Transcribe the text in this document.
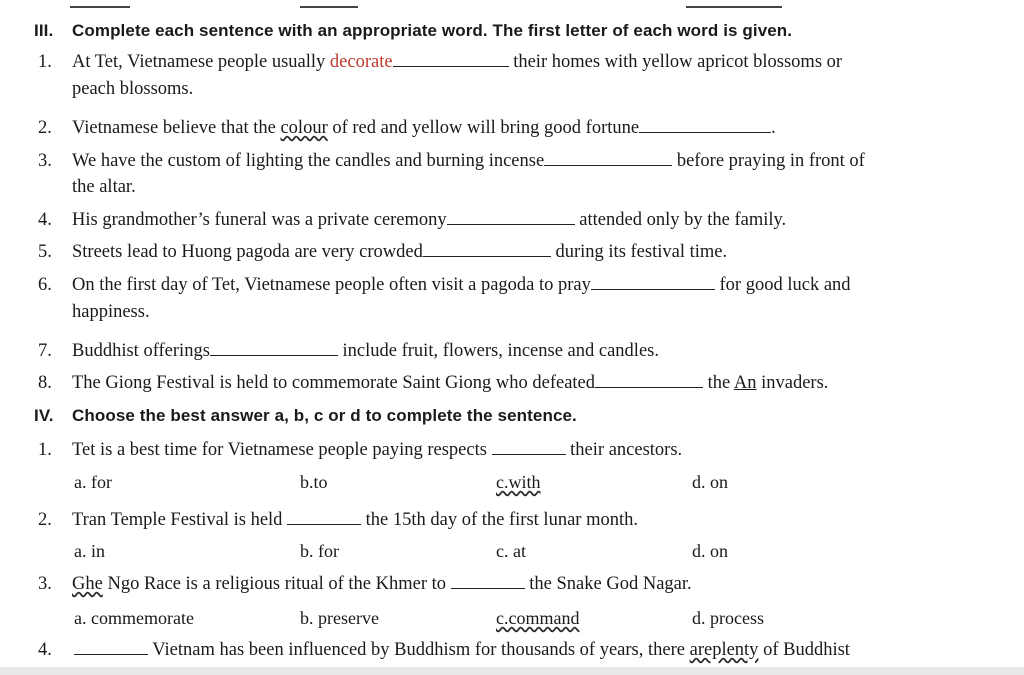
III. Complete each sentence with an appropriate word. The first letter of each word is given.
1. At Tet, Vietnamese people usually decorate	their homes with yellow apricot blossoms or
peach blossoms.
2. Vietnamese believe that the colour of red and yellow will bring good fortune	.
3. We have the custom of lighting the candles and burning incense	before praying in front of
the altar.
4. His grandmother’s funeral was a private ceremony	attended only by the family.
5. Streets lead to Huong pagoda are very crowded	during its festival time.
6. On the first day of Tet, Vietnamese people often visit a pagoda to pray	for good luck and
happiness.
7. Buddhist offerings	include fruit, flowers, incense and candles.
8. The Giong Festival is held to commemorate Saint Giong who defeated	the An invaders.
IV. Choose the best answer a, b, c or d to complete the sentence.
1. Tet is a best time for Vietnamese people paying respects	their ancestors.
a. for	b.to	c.with	d. on
2. Tran Temple Festival is held	the 15th day of the first lunar month.
a. in	b. for	c. at	d. on
3. Ghe Ngo Race is a religious ritual of the Khmer to	the Snake God Nagar.
a. commemorate	b. preserve	c.command	d. process
4.	Vietnam has been influenced by Buddhism for thousands of years, there areplenty of Buddhist
